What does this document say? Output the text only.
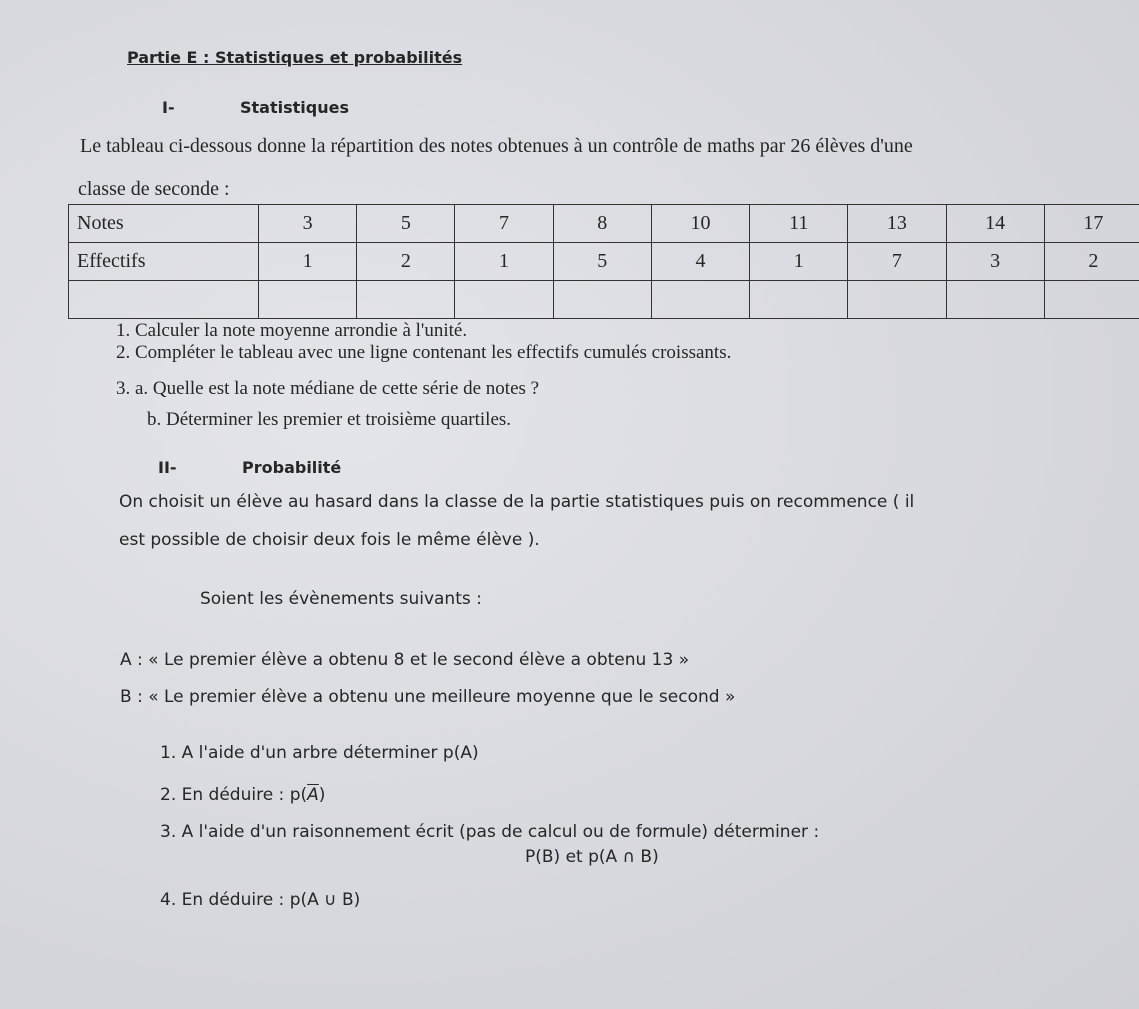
Partie E : Statistiques et probabilités
I-	Statistiques
Le tableau ci-dessous donne la répartition des notes obtenues à un contrôle de maths par 26 élèves d'une
classe de seconde :
Notes	3	5	7	8	10	11	13	14	17
Effectifs	1	2	1	5	4	1	7	3	2

1. Calculer la note moyenne arrondie à l'unité.
2. Compléter le tableau avec une ligne contenant les effectifs cumulés croissants.
3. a. Quelle est la note médiane de cette série de notes ?
b. Déterminer les premier et troisième quartiles.
II-	Probabilité
On choisit un élève au hasard dans la classe de la partie statistiques puis on recommence ( il
est possible de choisir deux fois le même élève ).
Soient les évènements suivants :
A : « Le premier élève a obtenu 8 et le second élève a obtenu 13 »
B : « Le premier élève a obtenu une meilleure moyenne que le second »
1. A l'aide d'un arbre déterminer p(A)
2. En déduire : $p(\overline{A})$
3. A l'aide d'un raisonnement écrit (pas de calcul ou de formule) déterminer :
P(B) et p(A ∩ B)
4. En déduire : p(A ∪ B)
